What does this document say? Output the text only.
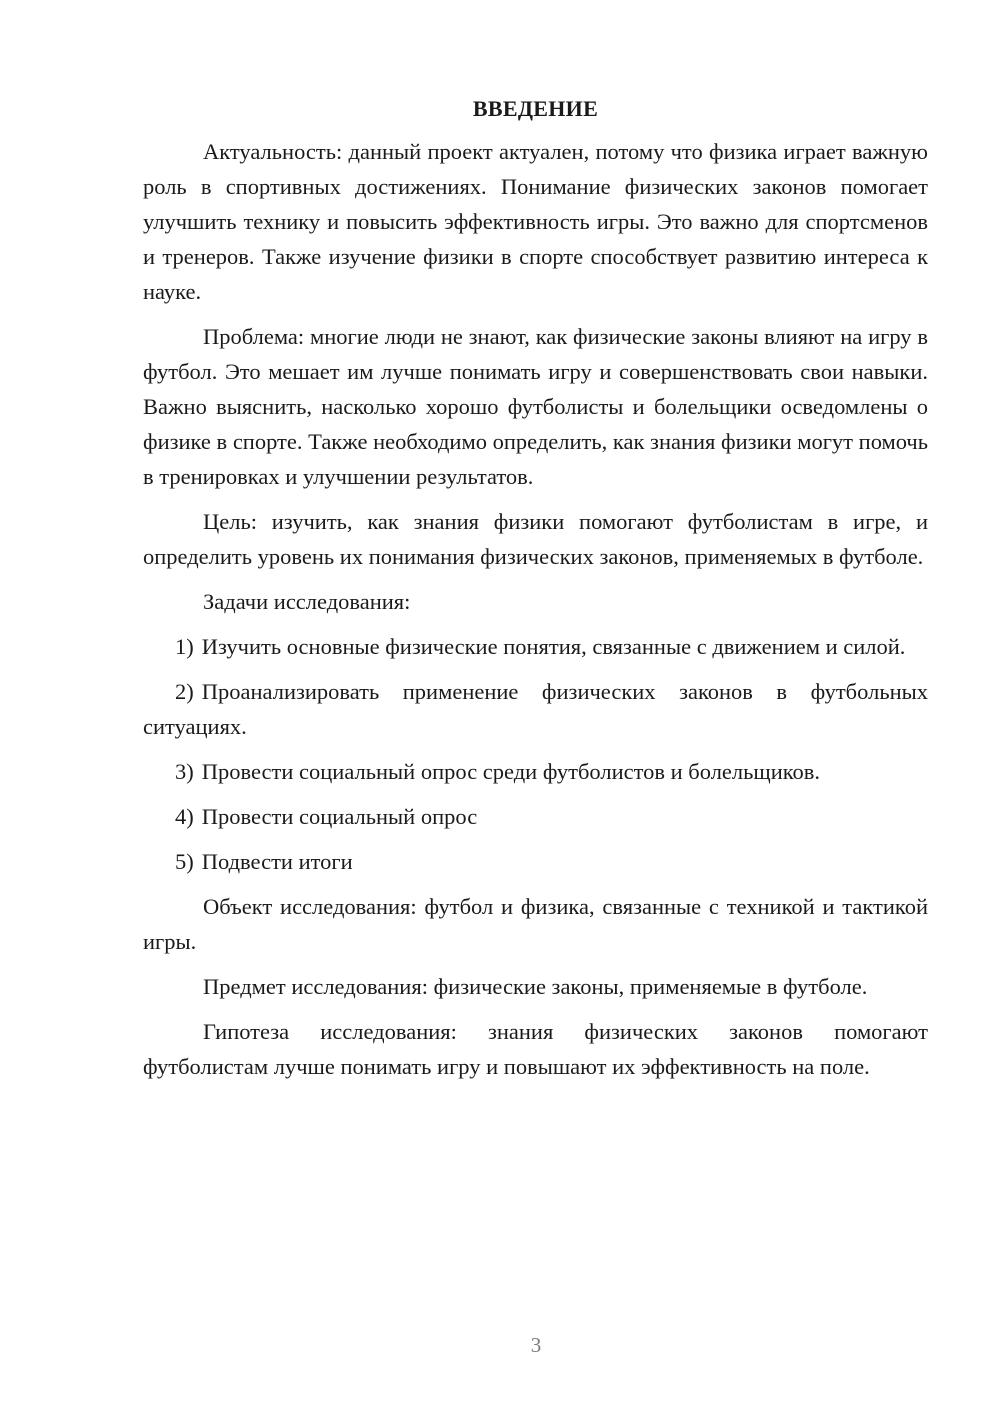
ВВЕДЕНИЕ

Актуальность: данный проект актуален, потому что физика играет важную роль в спортивных достижениях. Понимание физических законов помогает улучшить технику и повысить эффективность игры. Это важно для спортсменов и тренеров. Также изучение физики в спорте способствует развитию интереса к науке.

Проблема: многие люди не знают, как физические законы влияют на игру в футбол. Это мешает им лучше понимать игру и совершенствовать свои навыки. Важно выяснить, насколько хорошо футболисты и болельщики осведомлены о физике в спорте. Также необходимо определить, как знания физики могут помочь в тренировках и улучшении результатов.

Цель: изучить, как знания физики помогают футболистам в игре, и определить уровень их понимания физических законов, применяемых в футболе.

Задачи исследования:

1) Изучить основные физические понятия, связанные с движением и силой.
2) Проанализировать применение физических законов в футбольных ситуациях.
3) Провести социальный опрос среди футболистов и болельщиков.
4) Провести социальный опрос
5) Подвести итоги

Объект исследования: футбол и физика, связанные с техникой и тактикой игры.

Предмет исследования: физические законы, применяемые в футболе.

Гипотеза исследования: знания физических законов помогают футболистам лучше понимать игру и повышают их эффективность на поле.

3
